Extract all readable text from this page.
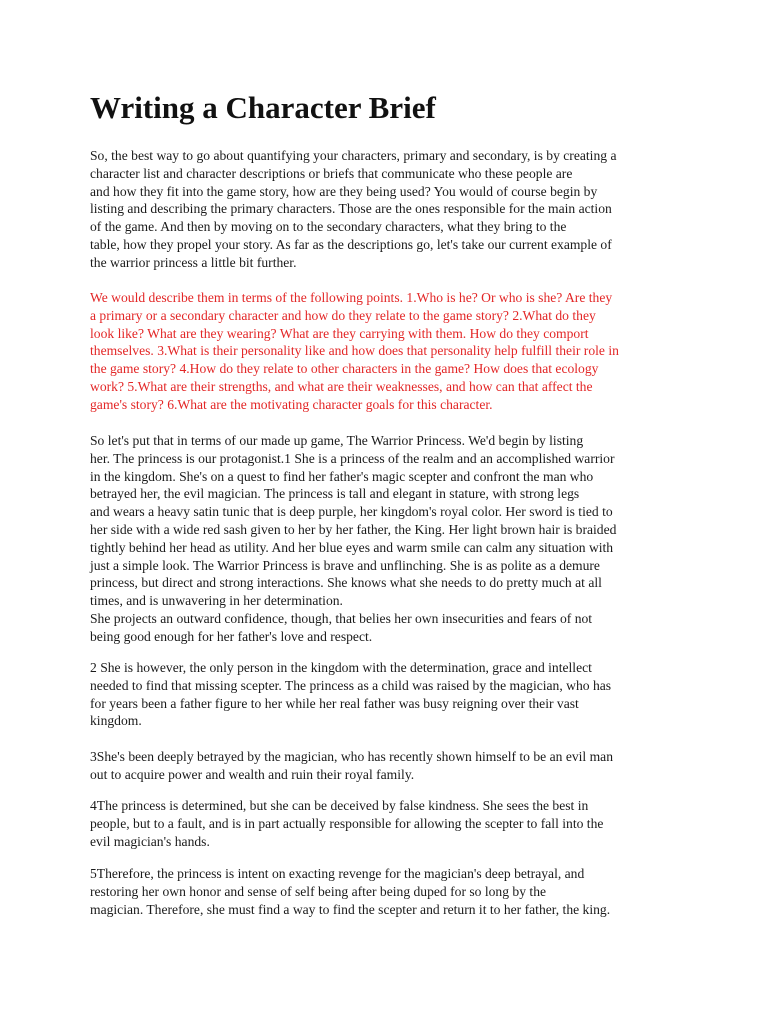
Writing a Character Brief
So, the best way to go about quantifying your characters, primary and secondary, is by creating a
character list and character descriptions or briefs that communicate who these people are
and how they fit into the game story, how are they being used? You would of course begin by
listing and describing the primary characters. Those are the ones responsible for the main action
of the game. And then by moving on to the secondary characters, what they bring to the
table, how they propel your story. As far as the descriptions go, let's take our current example of
the warrior princess a little bit further.
We would describe them in terms of the following points. 1.Who is he? Or who is she? Are they
a primary or a secondary character and how do they relate to the game story? 2.What do they
look like? What are they wearing? What are they carrying with them. How do they comport
themselves. 3.What is their personality like and how does that personality help fulfill their role in
the game story? 4.How do they relate to other characters in the game? How does that ecology
work? 5.What are their strengths, and what are their weaknesses, and how can that affect the
game's story? 6.What are the motivating character goals for this character.
So let's put that in terms of our made up game, The Warrior Princess. We'd begin by listing
her. The princess is our protagonist.1 She is a princess of the realm and an accomplished warrior
in the kingdom. She's on a quest to find her father's magic scepter and confront the man who
betrayed her, the evil magician. The princess is tall and elegant in stature, with strong legs
and wears a heavy satin tunic that is deep purple, her kingdom's royal color. Her sword is tied to
her side with a wide red sash given to her by her father, the King. Her light brown hair is braided
tightly behind her head as utility. And her blue eyes and warm smile can calm any situation with
just a simple look. The Warrior Princess is brave and unflinching. She is as polite as a demure
princess, but direct and strong interactions. She knows what she needs to do pretty much at all
times, and is unwavering in her determination.
She projects an outward confidence, though, that belies her own insecurities and fears of not
being good enough for her father's love and respect.
2 She is however, the only person in the kingdom with the determination, grace and intellect
needed to find that missing scepter. The princess as a child was raised by the magician, who has
for years been a father figure to her while her real father was busy reigning over their vast
kingdom.
3She's been deeply betrayed by the magician, who has recently shown himself to be an evil man
out to acquire power and wealth and ruin their royal family.
4The princess is determined, but she can be deceived by false kindness. She sees the best in
people, but to a fault, and is in part actually responsible for allowing the scepter to fall into the
evil magician's hands.
5Therefore, the princess is intent on exacting revenge for the magician's deep betrayal, and
restoring her own honor and sense of self being after being duped for so long by the
magician. Therefore, she must find a way to find the scepter and return it to her father, the king.
